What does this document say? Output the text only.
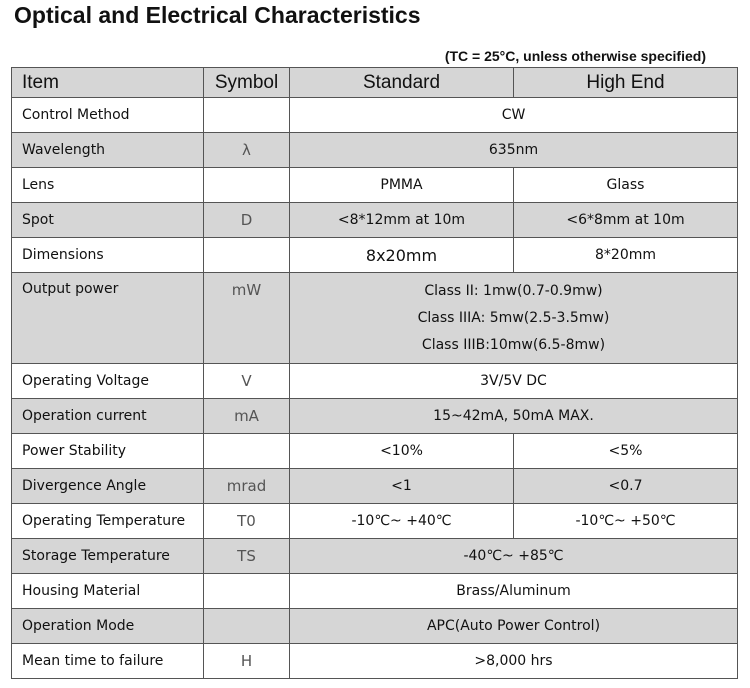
Optical and Electrical Characteristics
(TC = 25°C, unless otherwise specified)
Item	Symbol	Standard	High End
Control Method		CW	
Wavelength	λ	635nm	
Lens		PMMA	Glass
Spot	D	<8*12mm at 10m	<6*8mm at 10m
Dimensions		8x20mm	8*20mm
Output power	mW	Class II: 1mw(0.7-0.9mw)
Class IIIA: 5mw(2.5-3.5mw)
Class IIIB:10mw(6.5-8mw)	

Operating Voltage	V	3V/5V DC	
Operation current	mA	15~42mA, 50mA MAX.	
Power Stability		<10%	<5%
Divergence Angle	mrad	<1	<0.7
Operating Temperature	T0	-10℃~ +40℃	-10℃~ +50℃
Storage Temperature	TS	-40℃~ +85℃	
Housing Material		Brass/Aluminum	
Operation Mode		APC(Auto Power Control)	
Mean time to failure	H	>8,000 hrs	
